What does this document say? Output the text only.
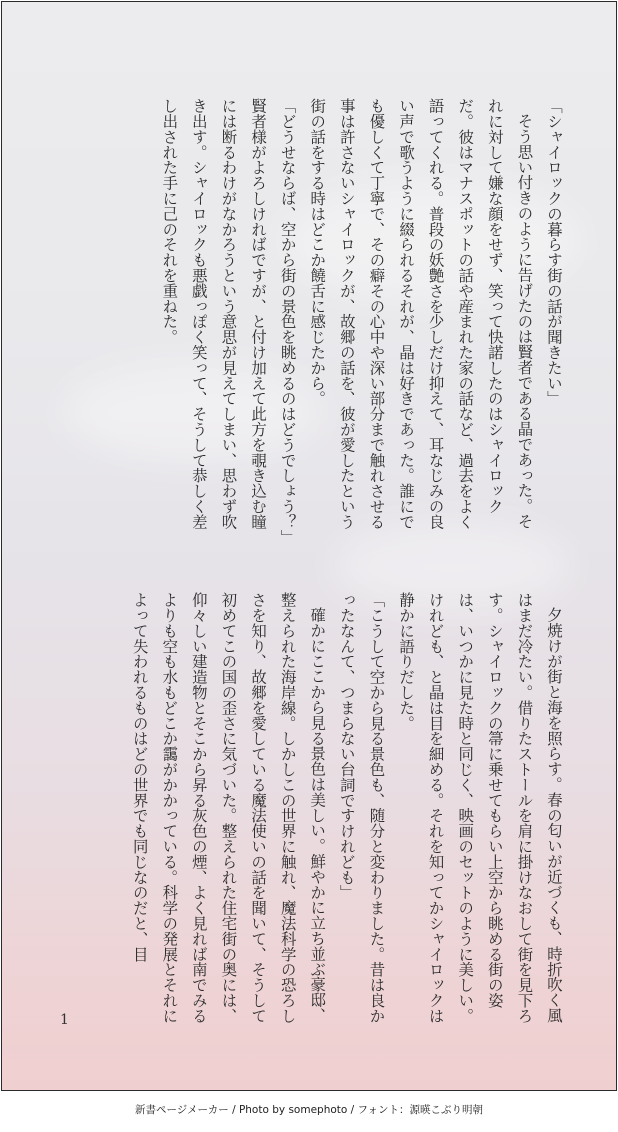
「シャイロックの暮らす街の話が聞きたい」

そう思い付きのように告げたのは賢者である晶であった。それに対して嫌な顔をせず、笑って快諾したのはシャイロックだ。彼はマナスポットの話や産まれた家の話など、過去をよく語ってくれる。普段の妖艶さを少しだけ抑えて、耳なじみの良い声で歌うように綴られるそれが、晶は好きであった。誰にでも優しくて丁寧で、その癖その心中や深い部分まで触れさせる事は許さないシャイロックが、故郷の話を、彼が愛したという街の話をする時はどこか饒舌に感じたから。

「どうせならば、空から街の景色を眺めるのはどうでしょう？」

賢者様がよろしければですが、と付け加えて此方を覗き込む瞳には断るわけがなかろうという意思が見えてしまい、思わず吹き出す。シャイロックも悪戯っぽく笑って、そうして恭しく差し出された手に己のそれを重ねた。

夕焼けが街と海を照らす。春の匂いが近づくも、時折吹く風はまだ冷たい。借りたストールを肩に掛けなおして街を見下ろす。シャイロックの箒に乗せてもらい上空から眺める街の姿は、いつかに見た時と同じく、映画のセットのように美しい。けれども、と晶は目を細める。それを知ってかシャイロックは静かに語りだした。

「こうして空から見る景色も、随分と変わりました。昔は良かったなんて、つまらない台詞ですけれども」

確かにここから見る景色は美しい。鮮やかに立ち並ぶ豪邸、整えられた海岸線。しかしこの世界に触れ、魔法科学の恐ろしさを知り、故郷を愛している魔法使いの話を聞いて、そうして初めてこの国の歪さに気づいた。整えられた住宅街の奥には、仰々しい建造物とそこから昇る灰色の煙、よく見れば南でみるよりも空も水もどこか靄がかかっている。科学の発展とそれによって失われるものはどの世界でも同じなのだと、目

1
新書ページメーカー / Photo by somephoto / フォント：源暎こぶり明朝
